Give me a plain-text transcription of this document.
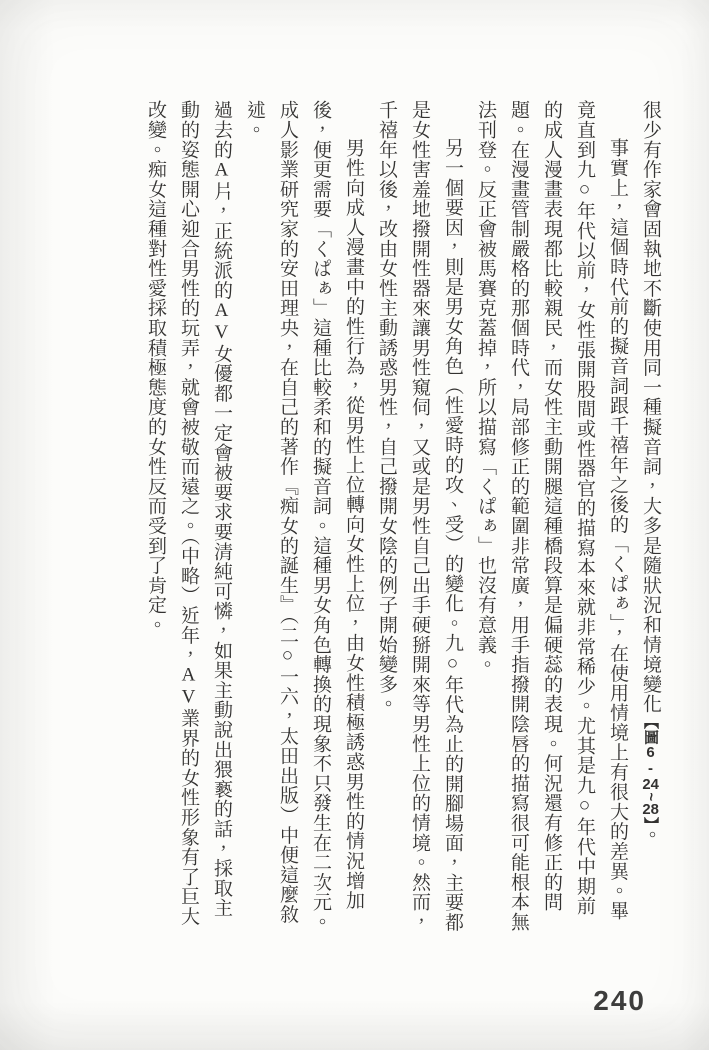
很少有作家會固執地不斷使用同一種擬音詞，大多是隨狀況和情境變化【圖6-24~28】。

事實上，這個時代前的擬音詞跟千禧年之後的「くぱぁ」，在使用情境上有很大的差異。畢竟直到九○年代以前，女性張開股間或性器官的描寫本來就非常稀少。尤其是九○年代中期前的成人漫畫表現都比較親民，而女性主動開腿這種橋段算是偏硬蕊的表現。何況還有修正的問題。在漫畫管制嚴格的那個時代，局部修正的範圍非常廣，用手指撥開陰唇的描寫很可能根本無法刊登。反正會被馬賽克蓋掉，所以描寫「くぱぁ」也沒有意義。

另一個要因，則是男女角色（性愛時的攻、受）的變化。九○年代為止的開腳場面，主要都是女性害羞地撥開性器來讓男性窺伺，又或是男性自己出手硬掰開來等男性上位的情境。然而，千禧年以後，改由女性主動誘惑男性，自己撥開女陰的例子開始變多。

男性向成人漫畫中的性行為，從男性上位轉向女性上位，由女性積極誘惑男性的情況增加後，便更需要「くぱぁ」這種比較柔和的擬音詞。這種男女角色轉換的現象不只發生在二次元。成人影業研究家的安田理央，在自己的著作『痴女的誕生』（二○一六，太田出版）中便這麼敘述。

過去的A片，正統派的AV女優都一定會被要求要清純可憐，如果主動說出猥褻的話，採取主動的姿態開心迎合男性的玩弄，就會被敬而遠之。（中略）近年，AV業界的女性形象有了巨大改變。痴女這種對性愛採取積極態度的女性反而受到了肯定。

240
